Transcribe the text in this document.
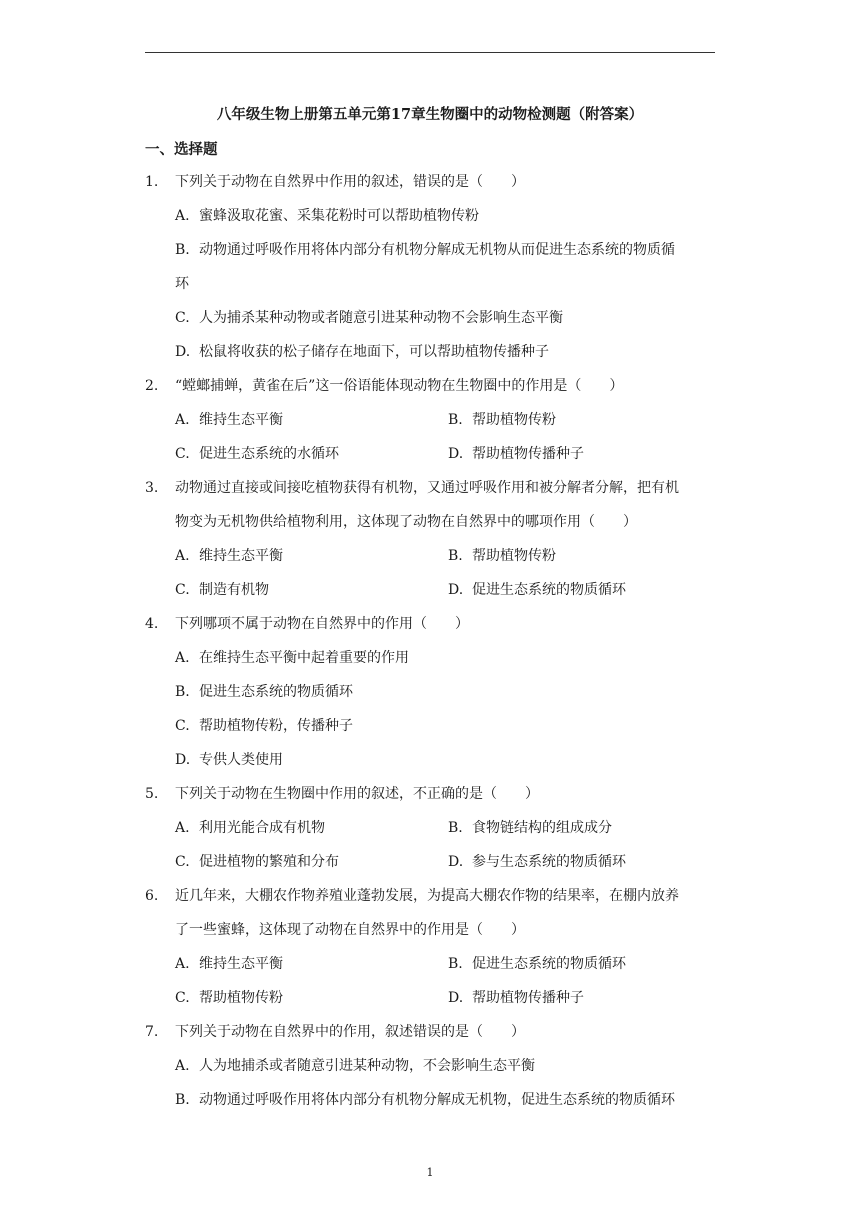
八年级生物上册第五单元第17章生物圈中的动物检测题（附答案）
一、选择题
1.	下列关于动物在自然界中作用的叙述，错误的是（　　）
A. 蜜蜂汲取花蜜、采集花粉时可以帮助植物传粉
B. 动物通过呼吸作用将体内部分有机物分解成无机物从而促进生态系统的物质循
环
C. 人为捕杀某种动物或者随意引进某种动物不会影响生态平衡
D. 松鼠将收获的松子储存在地面下，可以帮助植物传播种子
2.	“螳螂捕蝉，黄雀在后”这一俗语能体现动物在生物圈中的作用是（　　）
A. 维持生态平衡	B. 帮助植物传粉
C. 促进生态系统的水循环	D. 帮助植物传播种子
3.	动物通过直接或间接吃植物获得有机物，又通过呼吸作用和被分解者分解，把有机
物变为无机物供给植物利用，这体现了动物在自然界中的哪项作用（　　）
A. 维持生态平衡	B. 帮助植物传粉
C. 制造有机物	D. 促进生态系统的物质循环
4.	下列哪项不属于动物在自然界中的作用（　　）
A. 在维持生态平衡中起着重要的作用
B. 促进生态系统的物质循环
C. 帮助植物传粉，传播种子
D. 专供人类使用
5.	下列关于动物在生物圈中作用的叙述，不正确的是（　　）
A. 利用光能合成有机物	B. 食物链结构的组成成分
C. 促进植物的繁殖和分布	D. 参与生态系统的物质循环
6.	近几年来，大棚农作物养殖业蓬勃发展，为提高大棚农作物的结果率，在棚内放养
了一些蜜蜂，这体现了动物在自然界中的作用是（　　）
A. 维持生态平衡	B. 促进生态系统的物质循环
C. 帮助植物传粉	D. 帮助植物传播种子
7.	下列关于动物在自然界中的作用，叙述错误的是（　　）
A. 人为地捕杀或者随意引进某种动物，不会影响生态平衡
B. 动物通过呼吸作用将体内部分有机物分解成无机物，促进生态系统的物质循环
1
